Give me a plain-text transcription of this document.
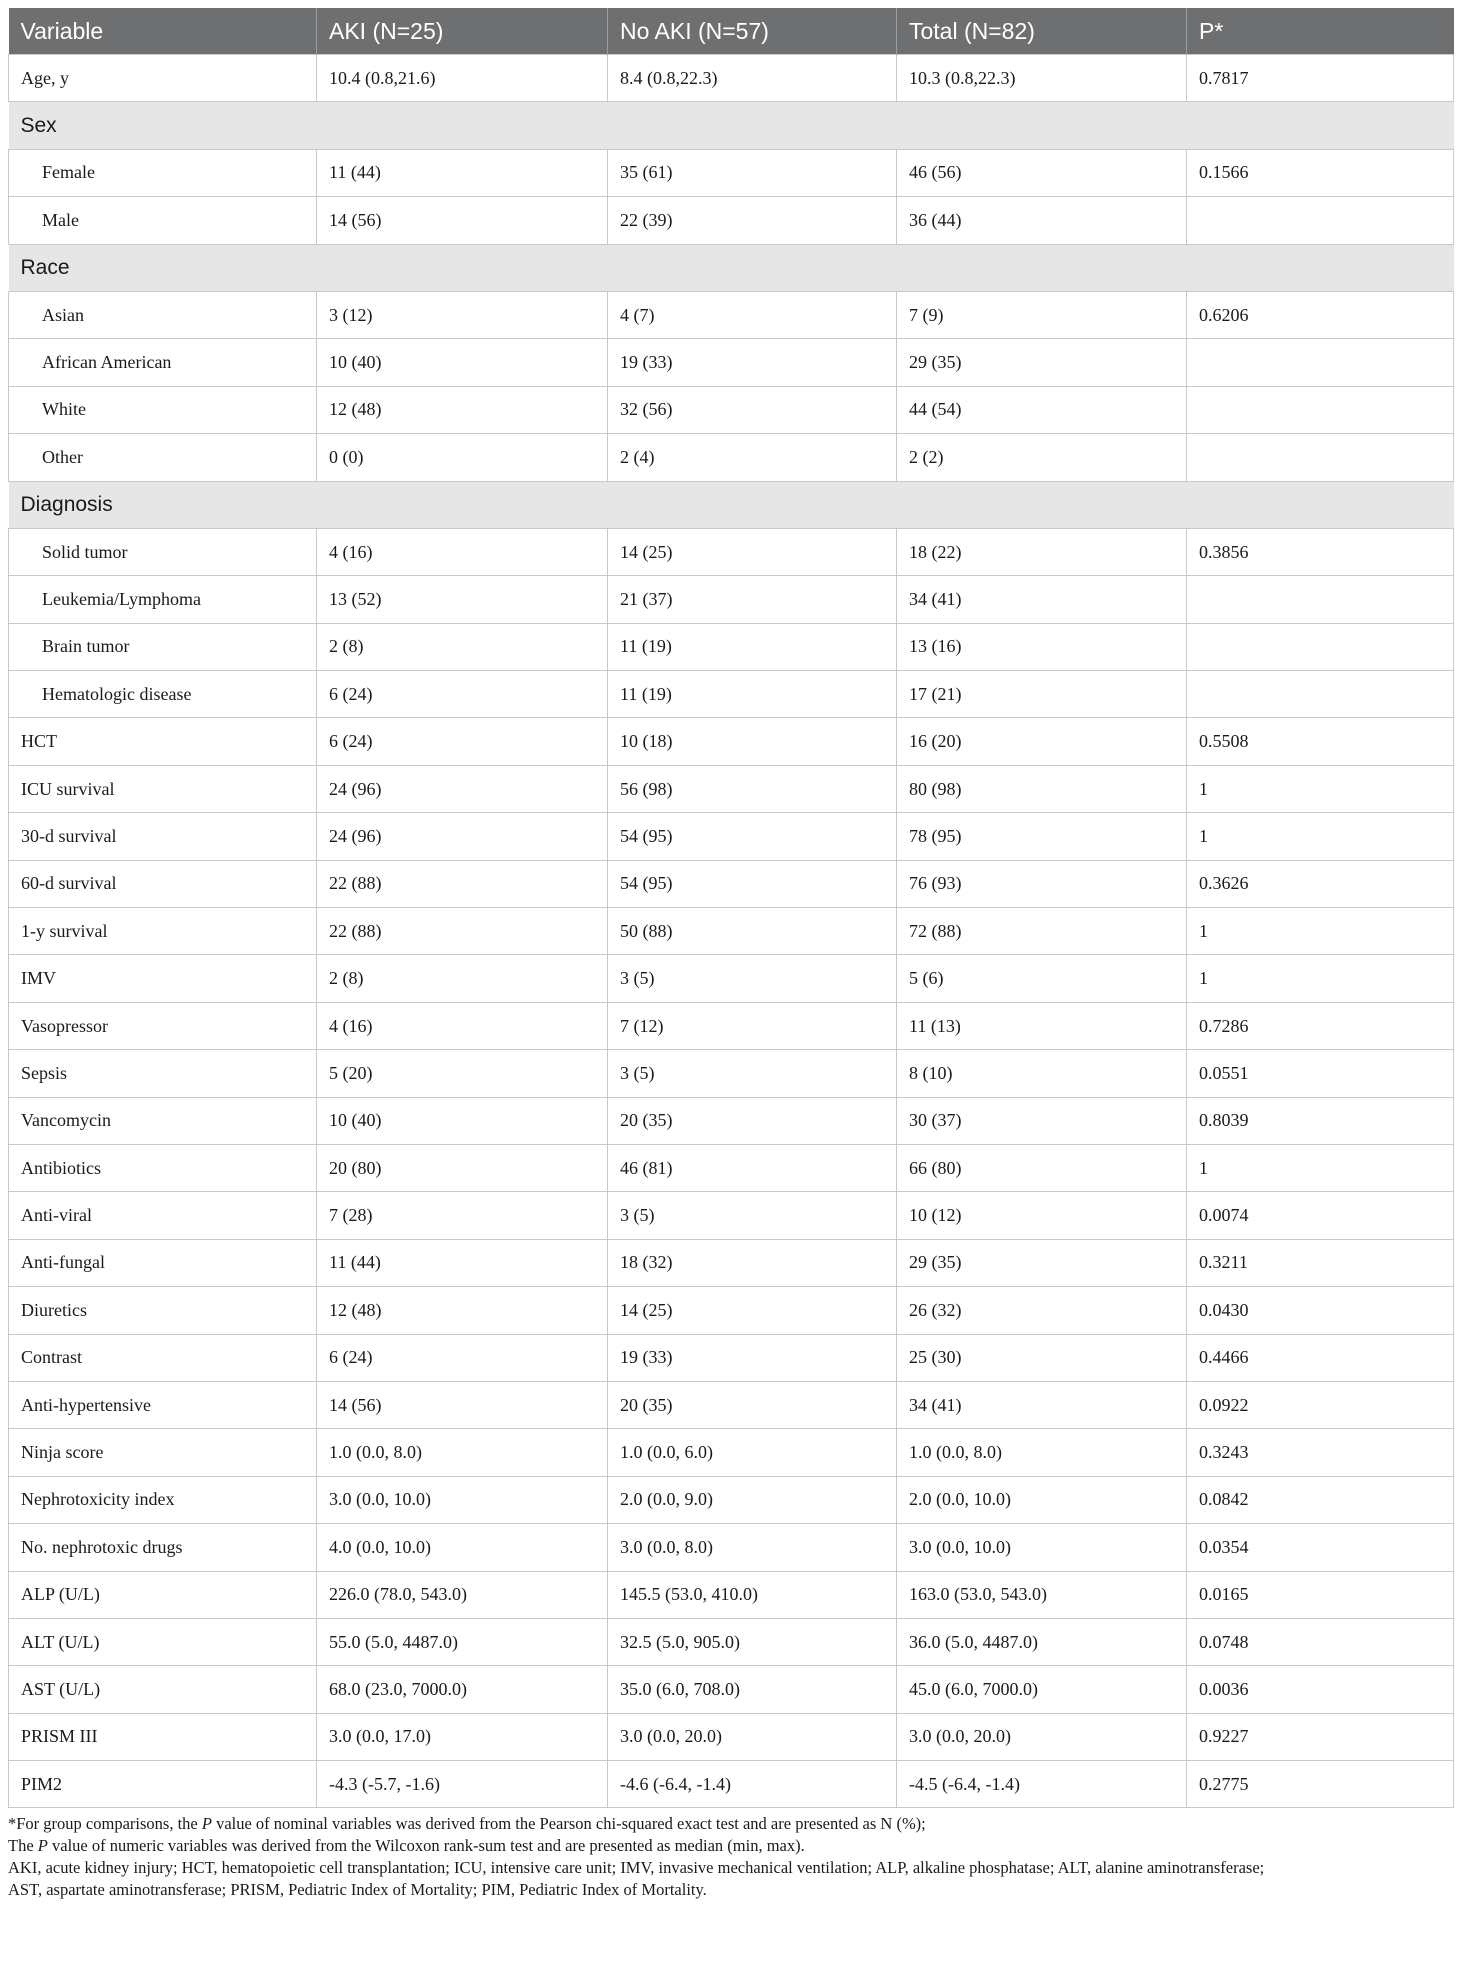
Variable	AKI (N=25)	No AKI (N=57)	Total (N=82)	P*
Age, y	10.4 (0.8,21.6)	8.4 (0.8,22.3)	10.3 (0.8,22.3)	0.7817
Sex				
Female	11 (44)	35 (61)	46 (56)	0.1566
Male	14 (56)	22 (39)	36 (44)	
Race				
Asian	3 (12)	4 (7)	7 (9)	0.6206
African American	10 (40)	19 (33)	29 (35)	
White	12 (48)	32 (56)	44 (54)	
Other	0 (0)	2 (4)	2 (2)	
Diagnosis				
Solid tumor	4 (16)	14 (25)	18 (22)	0.3856
Leukemia/Lymphoma	13 (52)	21 (37)	34 (41)	
Brain tumor	2 (8)	11 (19)	13 (16)	
Hematologic disease	6 (24)	11 (19)	17 (21)	
HCT	6 (24)	10 (18)	16 (20)	0.5508
ICU survival	24 (96)	56 (98)	80 (98)	1
30-d survival	24 (96)	54 (95)	78 (95)	1
60-d survival	22 (88)	54 (95)	76 (93)	0.3626
1-y survival	22 (88)	50 (88)	72 (88)	1
IMV	2 (8)	3 (5)	5 (6)	1
Vasopressor	4 (16)	7 (12)	11 (13)	0.7286
Sepsis	5 (20)	3 (5)	8 (10)	0.0551
Vancomycin	10 (40)	20 (35)	30 (37)	0.8039
Antibiotics	20 (80)	46 (81)	66 (80)	1
Anti-viral	7 (28)	3 (5)	10 (12)	0.0074
Anti-fungal	11 (44)	18 (32)	29 (35)	0.3211
Diuretics	12 (48)	14 (25)	26 (32)	0.0430
Contrast	6 (24)	19 (33)	25 (30)	0.4466
Anti-hypertensive	14 (56)	20 (35)	34 (41)	0.0922
Ninja score	1.0 (0.0, 8.0)	1.0 (0.0, 6.0)	1.0 (0.0, 8.0)	0.3243
Nephrotoxicity index	3.0 (0.0, 10.0)	2.0 (0.0, 9.0)	2.0 (0.0, 10.0)	0.0842
No. nephrotoxic drugs	4.0 (0.0, 10.0)	3.0 (0.0, 8.0)	3.0 (0.0, 10.0)	0.0354
ALP (U/L)	226.0 (78.0, 543.0)	145.5 (53.0, 410.0)	163.0 (53.0, 543.0)	0.0165
ALT (U/L)	55.0 (5.0, 4487.0)	32.5 (5.0, 905.0)	36.0 (5.0, 4487.0)	0.0748
AST (U/L)	68.0 (23.0, 7000.0)	35.0 (6.0, 708.0)	45.0 (6.0, 7000.0)	0.0036
PRISM III	3.0 (0.0, 17.0)	3.0 (0.0, 20.0)	3.0 (0.0, 20.0)	0.9227
PIM2	-4.3 (-5.7, -1.6)	-4.6 (-6.4, -1.4)	-4.5 (-6.4, -1.4)	0.2775

*For group comparisons, the P value of nominal variables was derived from the Pearson chi-squared exact test and are presented as N (%);

The P value of numeric variables was derived from the Wilcoxon rank-sum test and are presented as median (min, max).

AKI, acute kidney injury; HCT, hematopoietic cell transplantation; ICU, intensive care unit; IMV, invasive mechanical ventilation; ALP, alkaline phosphatase; ALT, alanine aminotransferase;

AST, aspartate aminotransferase; PRISM, Pediatric Index of Mortality; PIM, Pediatric Index of Mortality.
